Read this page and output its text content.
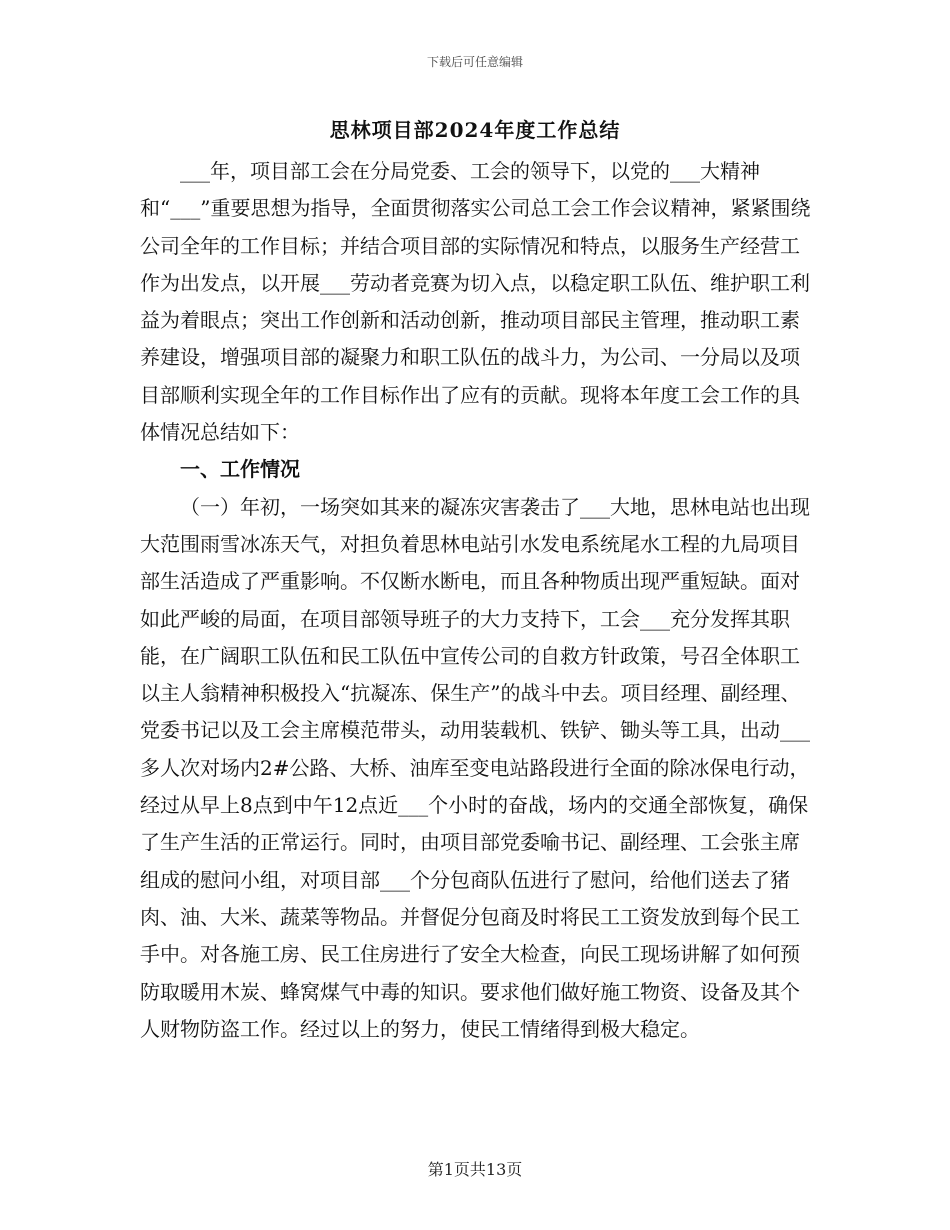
下载后可任意编辑
思林项目部2024年度工作总结

___年，项目部工会在分局党委、工会的领导下，以党的___大精神和“___”重要思想为指导，全面贯彻落实公司总工会工作会议精神，紧紧围绕公司全年的工作目标；并结合项目部的实际情况和特点，以服务生产经营工作为出发点，以开展___劳动者竞赛为切入点，以稳定职工队伍、维护职工利益为着眼点；突出工作创新和活动创新，推动项目部民主管理，推动职工素养建设，增强项目部的凝聚力和职工队伍的战斗力，为公司、一分局以及项目部顺利实现全年的工作目标作出了应有的贡献。现将本年度工会工作的具体情况总结如下：

一、工作情况

（一）年初，一场突如其来的凝冻灾害袭击了___大地，思林电站也出现大范围雨雪冰冻天气，对担负着思林电站引水发电系统尾水工程的九局项目部生活造成了严重影响。不仅断水断电，而且各种物质出现严重短缺。面对如此严峻的局面，在项目部领导班子的大力支持下，工会___充分发挥其职能，在广阔职工队伍和民工队伍中宣传公司的自救方针政策，号召全体职工以主人翁精神积极投入“抗凝冻、保生产”的战斗中去。项目经理、副经理、党委书记以及工会主席模范带头，动用装载机、铁铲、锄头等工具，出动___多人次对场内2#公路、大桥、油库至变电站路段进行全面的除冰保电行动，经过从早上8点到中午12点近___个小时的奋战，场内的交通全部恢复，确保了生产生活的正常运行。同时，由项目部党委喻书记、副经理、工会张主席组成的慰问小组，对项目部___个分包商队伍进行了慰问，给他们送去了猪肉、油、大米、蔬菜等物品。并督促分包商及时将民工工资发放到每个民工手中。对各施工房、民工住房进行了安全大检查，向民工现场讲解了如何预防取暖用木炭、蜂窝煤气中毒的知识。要求他们做好施工物资、设备及其个人财物防盗工作。经过以上的努力，使民工情绪得到极大稳定。

第1页共13页
